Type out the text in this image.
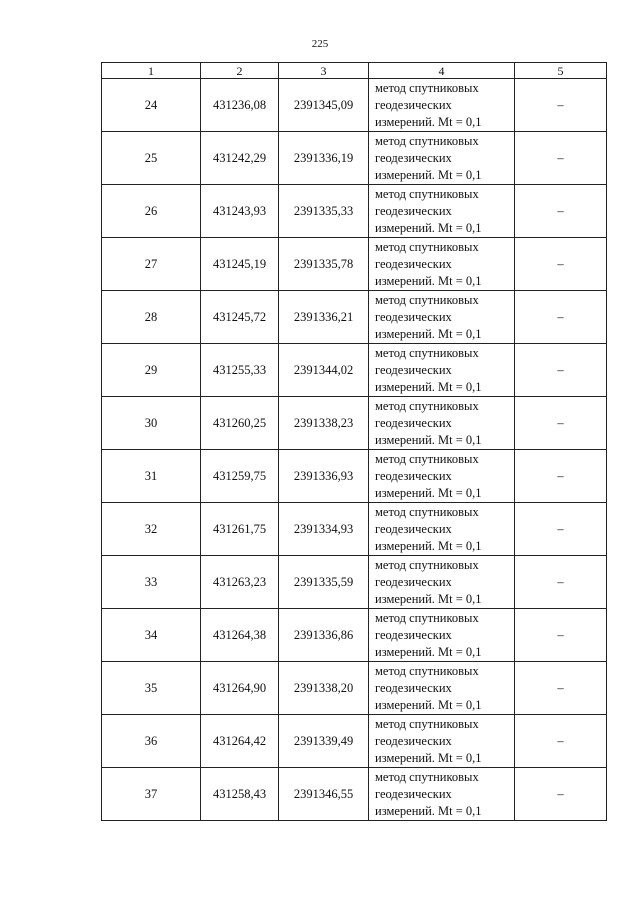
225
1	2	3	4	5
24	431236,08	2391345,09	метод спутниковых
геодезических
измерений. Mt = 0,1	–
25	431242,29	2391336,19	метод спутниковых
геодезических
измерений. Mt = 0,1	–
26	431243,93	2391335,33	метод спутниковых
геодезических
измерений. Mt = 0,1	–
27	431245,19	2391335,78	метод спутниковых
геодезических
измерений. Mt = 0,1	–
28	431245,72	2391336,21	метод спутниковых
геодезических
измерений. Mt = 0,1	–
29	431255,33	2391344,02	метод спутниковых
геодезических
измерений. Mt = 0,1	–
30	431260,25	2391338,23	метод спутниковых
геодезических
измерений. Mt = 0,1	–
31	431259,75	2391336,93	метод спутниковых
геодезических
измерений. Mt = 0,1	–
32	431261,75	2391334,93	метод спутниковых
геодезических
измерений. Mt = 0,1	–
33	431263,23	2391335,59	метод спутниковых
геодезических
измерений. Mt = 0,1	–
34	431264,38	2391336,86	метод спутниковых
геодезических
измерений. Mt = 0,1	–
35	431264,90	2391338,20	метод спутниковых
геодезических
измерений. Mt = 0,1	–
36	431264,42	2391339,49	метод спутниковых
геодезических
измерений. Mt = 0,1	–
37	431258,43	2391346,55	метод спутниковых
геодезических
измерений. Mt = 0,1	–
